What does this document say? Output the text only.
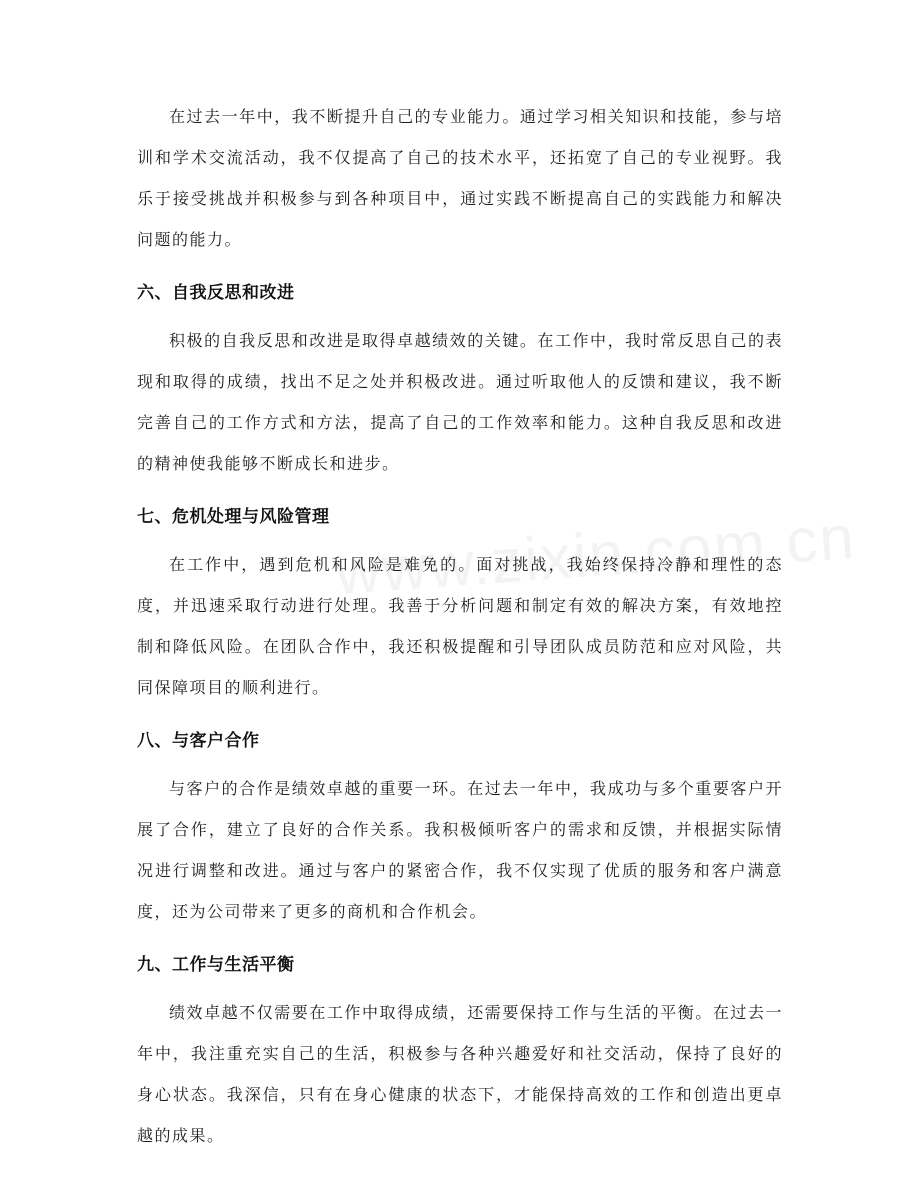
在过去一年中，我不断提升自己的专业能力。通过学习相关知识和技能，参与培训和学术交流活动，我不仅提高了自己的技术水平，还拓宽了自己的专业视野。我乐于接受挑战并积极参与到各种项目中，通过实践不断提高自己的实践能力和解决问题的能力。

六、自我反思和改进

积极的自我反思和改进是取得卓越绩效的关键。在工作中，我时常反思自己的表现和取得的成绩，找出不足之处并积极改进。通过听取他人的反馈和建议，我不断完善自己的工作方式和方法，提高了自己的工作效率和能力。这种自我反思和改进的精神使我能够不断成长和进步。

七、危机处理与风险管理

在工作中，遇到危机和风险是难免的。面对挑战，我始终保持冷静和理性的态度，并迅速采取行动进行处理。我善于分析问题和制定有效的解决方案，有效地控制和降低风险。在团队合作中，我还积极提醒和引导团队成员防范和应对风险，共同保障项目的顺利进行。

八、与客户合作

与客户的合作是绩效卓越的重要一环。在过去一年中，我成功与多个重要客户开展了合作，建立了良好的合作关系。我积极倾听客户的需求和反馈，并根据实际情况进行调整和改进。通过与客户的紧密合作，我不仅实现了优质的服务和客户满意度，还为公司带来了更多的商机和合作机会。

九、工作与生活平衡

绩效卓越不仅需要在工作中取得成绩，还需要保持工作与生活的平衡。在过去一年中，我注重充实自己的生活，积极参与各种兴趣爱好和社交活动，保持了良好的身心状态。我深信，只有在身心健康的状态下，才能保持高效的工作和创造出更卓越的成果。
